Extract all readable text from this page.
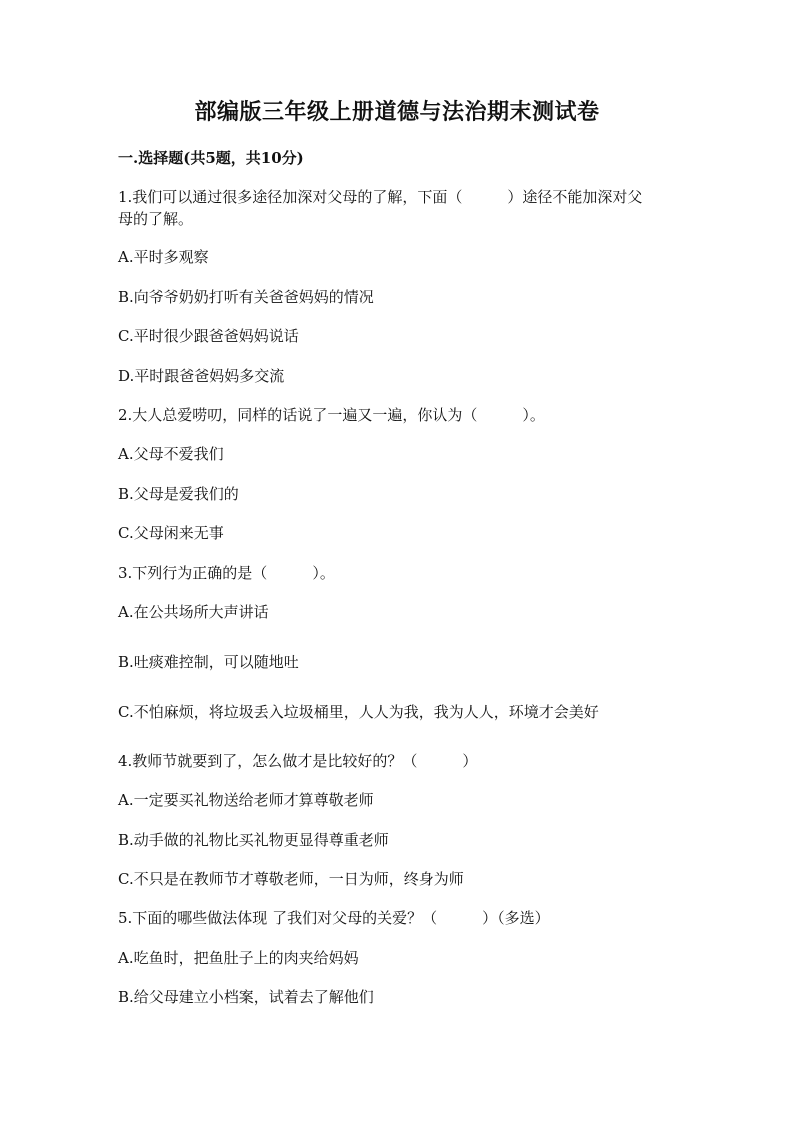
部编版三年级上册道德与法治期末测试卷
一.选择题(共5题，共10分)
1.我们可以通过很多途径加深对父母的了解，下面（　　　）途径不能加深对父
母的了解。
A.平时多观察
B.向爷爷奶奶打听有关爸爸妈妈的情况
C.平时很少跟爸爸妈妈说话
D.平时跟爸爸妈妈多交流
2.大人总爱唠叨，同样的话说了一遍又一遍，你认为（　　　）。
A.父母不爱我们
B.父母是爱我们的
C.父母闲来无事
3.下列行为正确的是（　　　）。
A.在公共场所大声讲话
B.吐痰难控制，可以随地吐
C.不怕麻烦，将垃圾丢入垃圾桶里，人人为我，我为人人，环境才会美好
4.教师节就要到了，怎么做才是比较好的？（　　　）
A.一定要买礼物送给老师才算尊敬老师
B.动手做的礼物比买礼物更显得尊重老师
C.不只是在教师节才尊敬老师，一日为师，终身为师
5.下面的哪些做法体现 了我们对父母的关爱？（　　　）（多选）
A.吃鱼时，把鱼肚子上的肉夹给妈妈
B.给父母建立小档案，试着去了解他们
